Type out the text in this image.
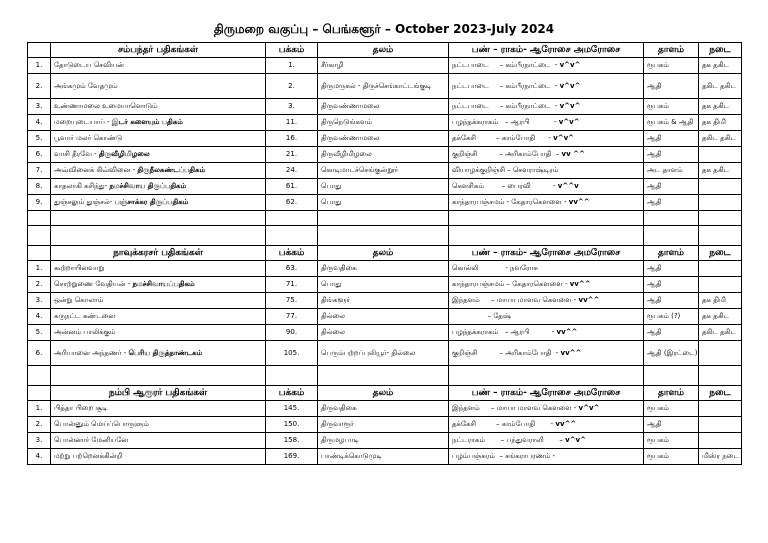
திருமறை வகுப்பு – பெங்களூர் – October 2023-July 2024
	சம்பந்தர் பதிகங்கள்	பக்கம்	தலம்	பண் – ராகம்- ஆரோசை அமரோசை	தாளம்	நடை
1.	தோடுடைய செவியன்	1.	சீர்காழி	நட்டபாடை     – கம்பீரநாட்டை  - v^v^	ரூபகம்	தக தகிட
2.	அங்கமும் வேதமும்	2.	திருமருகல் - திருச்செங்காட்டங்குடி	நட்டபாடை     – கம்பீரநாட்டை  - v^v^	ஆதி	தகிட தகிட
3.	உண்ணாமலை உமையாளொடும்	3.	திருவண்ணாமலை	நட்டபாடை     – கம்பீரநாட்டை  - v^v^	ரூபகம்	தக தகிட
4.	மறையுடையாய் - இடர் களையும் பதிகம்	11.	திருநெடுங்களம்	பழந்தக்கராகம்   – ஆரபி           - v^v^	ரூபகம் & ஆதி	தக திமி
5.	பூவார் மலர் கொண்டு	16.	திருவண்ணாமலை	தக்கேசி         – காம்போதி      - v^v^	ஆதி	தகிட தகிட
6.	வாசி தீரவே - திருவீழிமிழலை	21.	திருவீழிமிழலை	குறிஞ்சி          – அரிகாம்போதி  – vv ^^	ஆதி	
7.	அவ்வினைக் கிவ்வினை - திருநீலகண்டப்பதிகம்	24.	கொடிமாடச்செங்குன்றூர்	வியாழக்குறிஞ்சி – சௌராஷ்டிரம்	அட தாளம்	தக தகிட
8.	காதலாகி கசிந்து- நமச்சிவாய திருப்பதிகம்	61.	பொது	கௌசிகம்        – பைரவி          - v^^v	ஆதி	
9.	துஞ்சலும் துஞ்சல்- பஞ்சாக்கர திருப்பதிகம்	62.	பொது	காந்தாரபஞ்சமம் - கேதாரகௌளை - vv^^	ஆதி	

	நாவுக்கரசர் பதிகங்கள்	பக்கம்	தலம்	பண் – ராகம்- ஆரோசை அமரோசை	தாளம்	நடை
1.	கூற்றாயினவாறு	63.	திருவதிகை	கொல்லி            - நவரோசு	ஆதி	
2.	சொற்றுணை வேதியன் - நமச்சிவாயப்பதிகம்	71.	பொது	காந்தாரபஞ்சமம் – கேதாரகௌளை - vv^^	ஆதி	
3.	ஒன்று கொலாம்	75.	திங்களூர்	இந்தளம்     – மாயா மாளவ கௌளை - vv^^	ஆதி	தக திமி
4.	கருநட்ட கண்டனை	77.	தில்லை	– தேஷ்	ரூபகம் (?)	தக தகிட
5.	அன்னம் பாலிக்கும்	90.	தில்லை	பழந்தக்கராகம்   – ஆரபி          - vv^^	ஆதி	தகிட தகிட
6.	அரியானை அந்தணர் - பெரிய திருத்தாண்டகம்	105.	பெரும்பற்றப்புலியூர்- தில்லை	குறிஞ்சி          – அரிகாம்போதி  - vv^^	ஆதி (இரட்டை)	

	நம்பி ஆரூரர் பதிகங்கள்	பக்கம்	தலம்	பண் – ராகம்- ஆரோசை அமரோசை	தாளம்	நடை
1.	பித்தா பிறை சூடி	145.	திருவதிகை	இந்தளம்     – மாயா மாளவ கௌளை - v^v^	ரூபகம்	
2.	பொன்னும் மெய்ப்பொருளும்	150.	திருவாரூர்	தக்கேசி         – காம்போதி       - vv^^	ஆதி	
3.	பொன்னார் மேனியனே	158.	திருமழபாடி	நட்டராகம்       – பந்துவராளி       – v^v^	ரூபகம்	
4.	மற்று பற்றெனக்கின்றி	169.	பாண்டிக்கொடுமுடி	பழம்பஞ்சுரம்  – சங்கராபரணம் -	ரூபகம்	மிஸ்ர நடை
